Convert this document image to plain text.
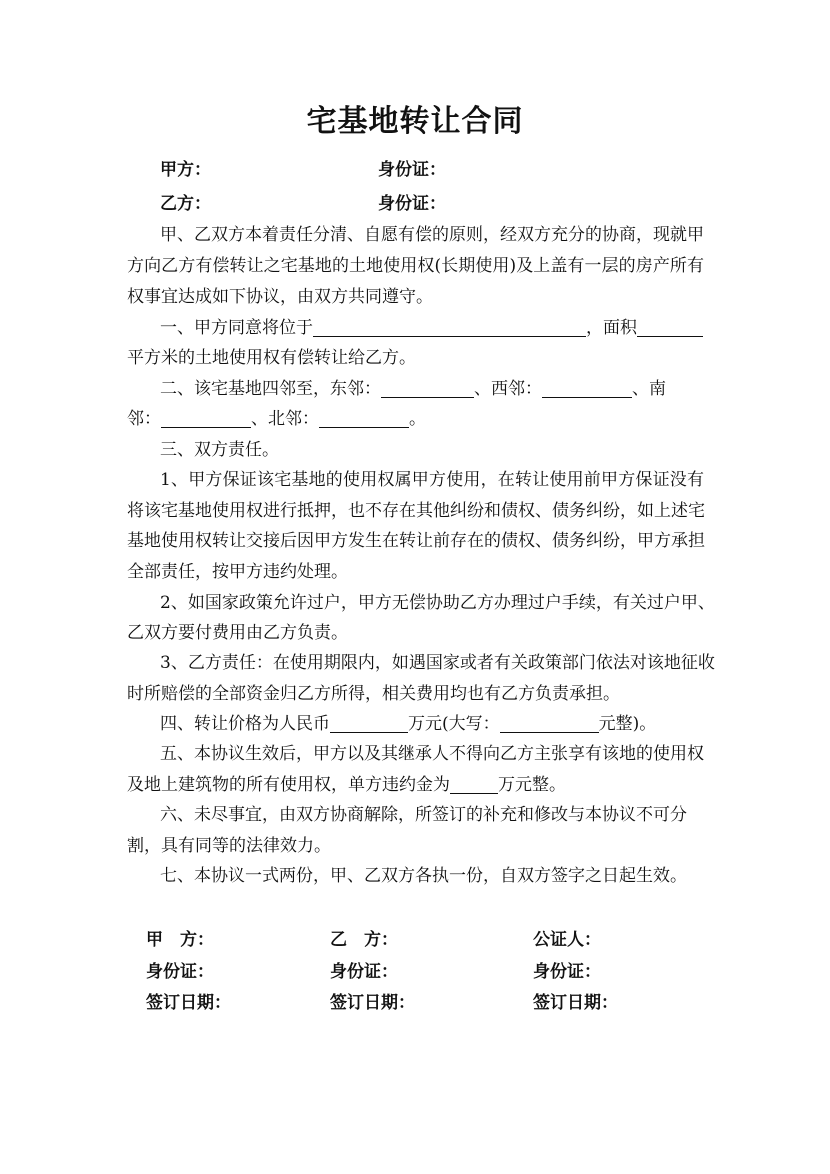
宅基地转让合同
甲方：	身份证：
乙方：	身份证：
甲、乙双方本着责任分清、自愿有偿的原则，经双方充分的协商，现就甲
方向乙方有偿转让之宅基地的土地使用权(长期使用)及上盖有一层的房产所有
权事宜达成如下协议，由双方共同遵守。
一、甲方同意将位于	，面积
平方米的土地使用权有偿转让给乙方。
二、该宅基地四邻至，东邻：	、西邻：	、南
邻：	、北邻：	。
三、双方责任。
1、甲方保证该宅基地的使用权属甲方使用，在转让使用前甲方保证没有
将该宅基地使用权进行抵押，也不存在其他纠纷和债权、债务纠纷，如上述宅
基地使用权转让交接后因甲方发生在转让前存在的债权、债务纠纷，甲方承担
全部责任，按甲方违约处理。
2、如国家政策允许过户，甲方无偿协助乙方办理过户手续，有关过户甲、
乙双方要付费用由乙方负责。
3、乙方责任：在使用期限内，如遇国家或者有关政策部门依法对该地征收
时所赔偿的全部资金归乙方所得，相关费用均也有乙方负责承担。
四、转让价格为人民币	万元(大写：	元整)。
五、本协议生效后，甲方以及其继承人不得向乙方主张享有该地的使用权
及地上建筑物的所有使用权，单方违约金为	万元整。
六、未尽事宜，由双方协商解除，所签订的补充和修改与本协议不可分
割，具有同等的法律效力。
七、本协议一式两份，甲、乙双方各执一份，自双方签字之日起生效。
甲　方：	乙　方：	公证人：
身份证：	身份证：	身份证：
签订日期：	签订日期：	签订日期：
